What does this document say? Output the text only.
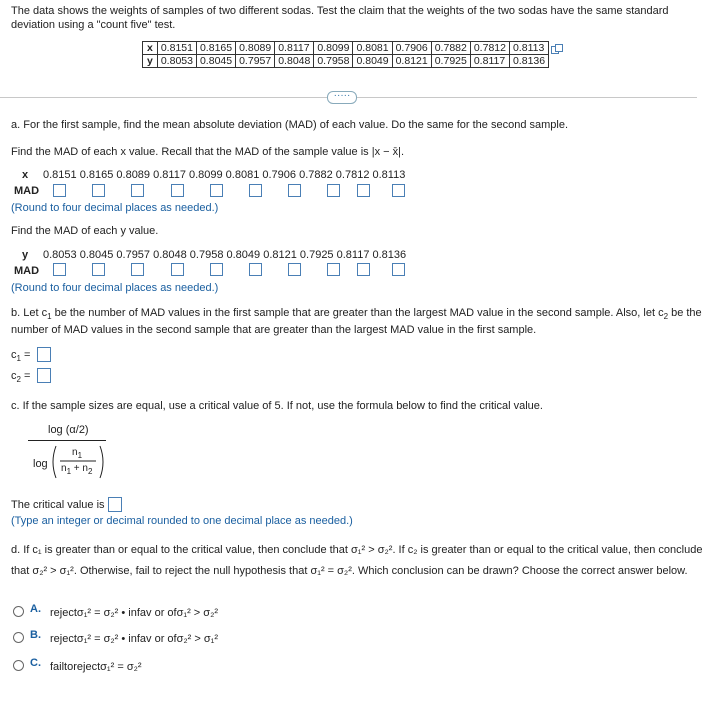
The data shows the weights of samples of two different sodas. Test the claim that the weights of the two sodas have the same standard deviation using a "count five" test.
x	0.8151	0.8165	0.8089	0.8117	0.8099	0.8081	0.7906	0.7882	0.7812	0.8113
y	0.8053	0.8045	0.7957	0.8048	0.7958	0.8049	0.8121	0.7925	0.8117	0.8136
·····
a. For the first sample, find the mean absolute deviation (MAD) of each value. Do the same for the second sample.
Find the MAD of each x value. Recall that the MAD of the sample value is |x − x̄|.
x 0.8151 0.8165 0.8089 0.8117 0.8099 0.8081 0.7906 0.7882 0.7812 0.8113
MAD
(Round to four decimal places as needed.)
Find the MAD of each y value.
y 0.8053 0.8045 0.7957 0.8048 0.7958 0.8049 0.8121 0.7925 0.8117 0.8136
MAD
(Round to four decimal places as needed.)
b. Let $c_1$ be the number of MAD values in the first sample that are greater than the largest MAD value in the second sample. Also, let $c_2$ be the
number of MAD values in the second sample that are greater than the largest MAD value in the first sample.
$c_1$ =
$c_2$ =
c. If the sample sizes are equal, use a critical value of 5. If not, use the formula below to find the critical value.
log (α/2)
log
$n_1$
$n_1 + n_2$
The critical value is
(Type an integer or decimal rounded to one decimal place as needed.)
d. If c₁ is greater than or equal to the critical value, then conclude that σ₁² > σ₂². If c₂ is greater than or equal to the critical value, then conclude
that σ₂² > σ₁². Otherwise, fail to reject the null hypothesis that σ₁² = σ₂². Which conclusion can be drawn? Choose the correct answer below.
A. rejectσ₁² = σ₂² • infav or ofσ₁² > σ₂²
B. rejectσ₁² = σ₂² • infav or ofσ₂² > σ₁²
C. failtorejectσ₁² = σ₂²
